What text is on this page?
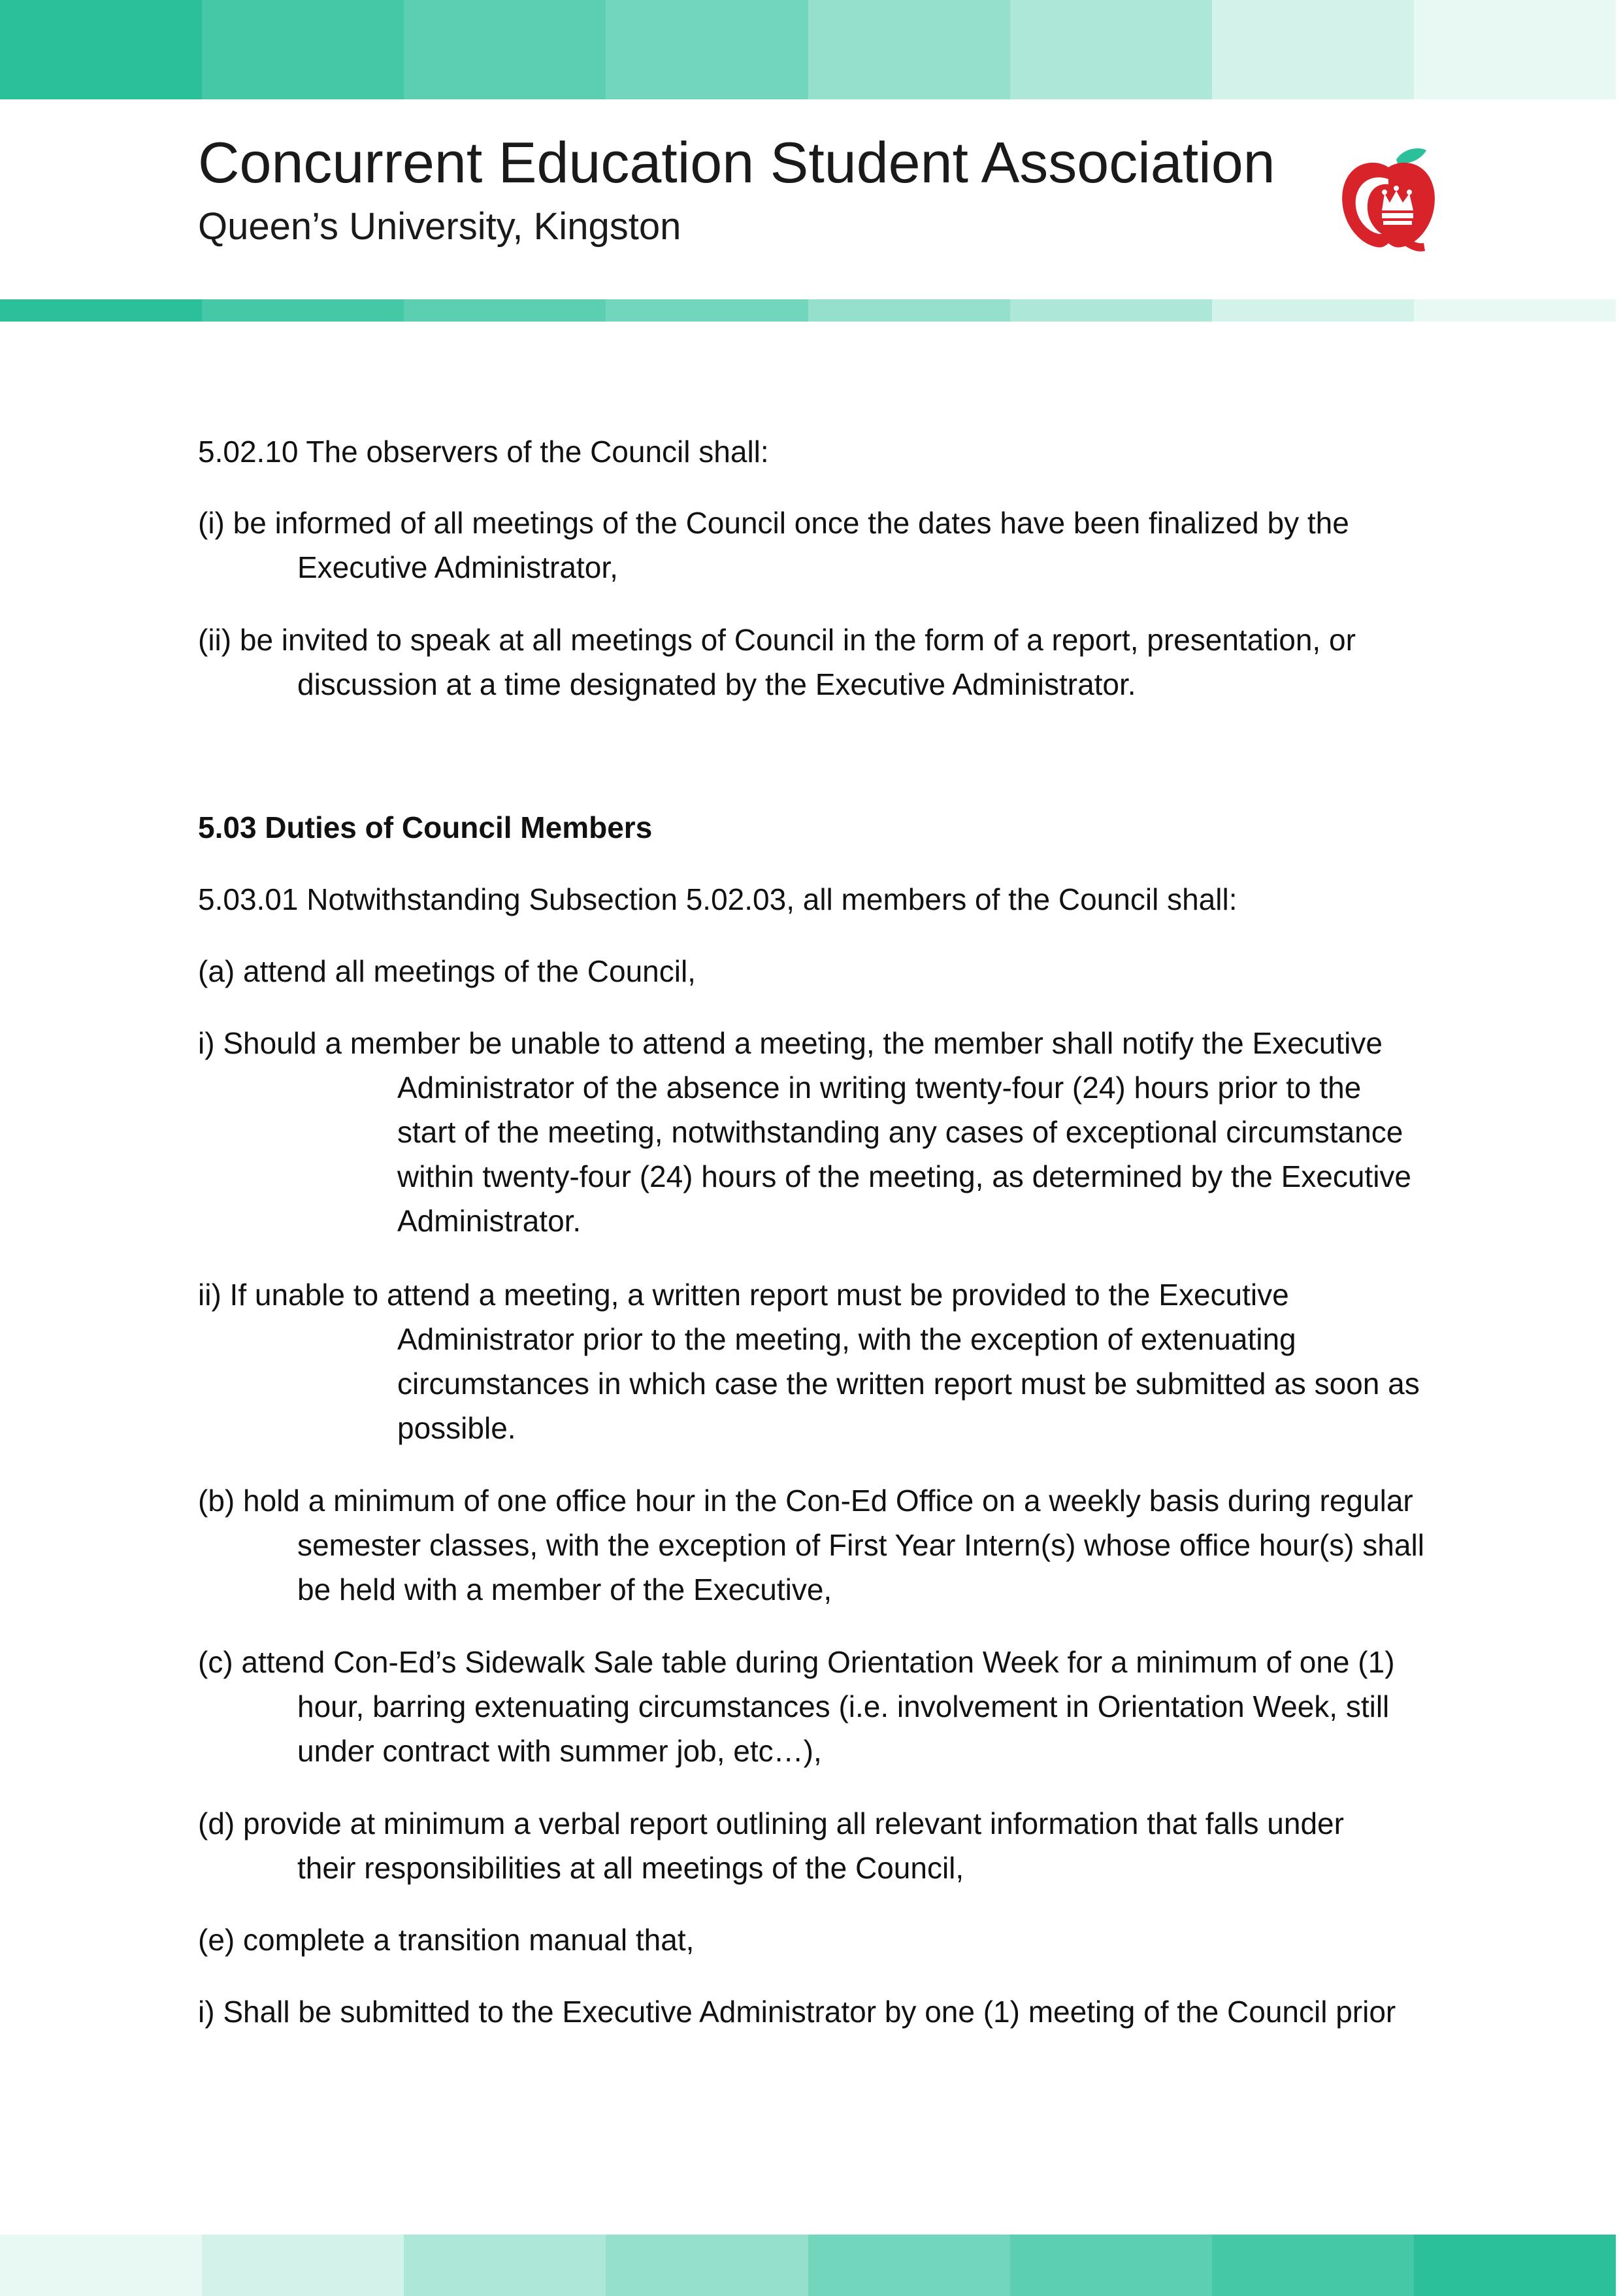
Concurrent Education Student Association
Queen’s University, Kingston
5.02.10 The observers of the Council shall:
(i) be informed of all meetings of the Council once the dates have been finalized by the
Executive Administrator,
(ii) be invited to speak at all meetings of Council in the form of a report, presentation, or
discussion at a time designated by the Executive Administrator.
5.03 Duties of Council Members
5.03.01 Notwithstanding Subsection 5.02.03, all members of the Council shall:
(a) attend all meetings of the Council,
i) Should a member be unable to attend a meeting, the member shall notify the Executive
Administrator of the absence in writing twenty-four (24) hours prior to the
start of the meeting, notwithstanding any cases of exceptional circumstance
within twenty-four (24) hours of the meeting, as determined by the Executive
Administrator.
ii) If unable to attend a meeting, a written report must be provided to the Executive
Administrator prior to the meeting, with the exception of extenuating
circumstances in which case the written report must be submitted as soon as
possible.
(b) hold a minimum of one office hour in the Con-Ed Office on a weekly basis during regular
semester classes, with the exception of First Year Intern(s) whose office hour(s) shall
be held with a member of the Executive,
(c) attend Con-Ed’s Sidewalk Sale table during Orientation Week for a minimum of one (1)
hour, barring extenuating circumstances (i.e. involvement in Orientation Week, still
under contract with summer job, etc…),
(d) provide at minimum a verbal report outlining all relevant information that falls under
their responsibilities at all meetings of the Council,
(e) complete a transition manual that,
i) Shall be submitted to the Executive Administrator by one (1) meeting of the Council prior
